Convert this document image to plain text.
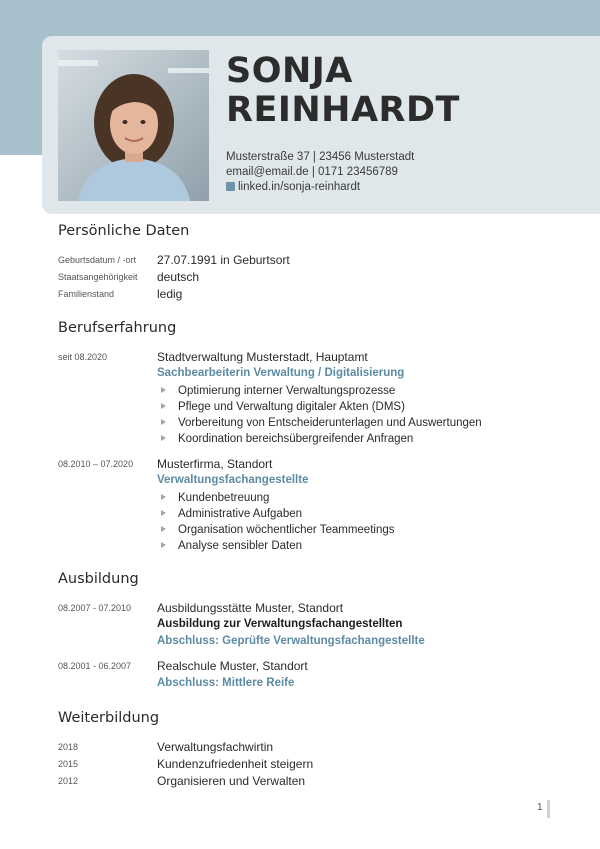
SONJA
REINHARDT
Musterstraße 37 | 23456 Musterstadt
email@email.de | 0171 23456789
linked.in/sonja-reinhardt
Persönliche Daten
Geburtsdatum / -ort 27.07.1991 in Geburtsort
Staatsangehörigkeit deutsch
Familienstand	ledig
Berufserfahrung
seit 08.2020	Stadtverwaltung Musterstadt, Hauptamt
Sachbearbeiterin Verwaltung / Digitalisierung
Optimierung interner Verwaltungsprozesse
Pflege und Verwaltung digitaler Akten (DMS)
Vorbereitung von Entscheiderunterlagen und Auswertungen
Koordination bereichsübergreifender Anfragen
08.2010 – 07.2020 Musterfirma, Standort
Verwaltungsfachangestellte
Kundenbetreuung
Administrative Aufgaben
Organisation wöchentlicher Teammeetings
Analyse sensibler Daten
Ausbildung
08.2007 - 07.2010 Ausbildungsstätte Muster, Standort
Ausbildung zur Verwaltungsfachangestellten
Abschluss: Geprüfte Verwaltungsfachangestellte
08.2001 - 06.2007 Realschule Muster, Standort
Abschluss: Mittlere Reife
Weiterbildung
2018	Verwaltungsfachwirtin
2015	Kundenzufriedenheit steigern
2012	Organisieren und Verwalten
1
